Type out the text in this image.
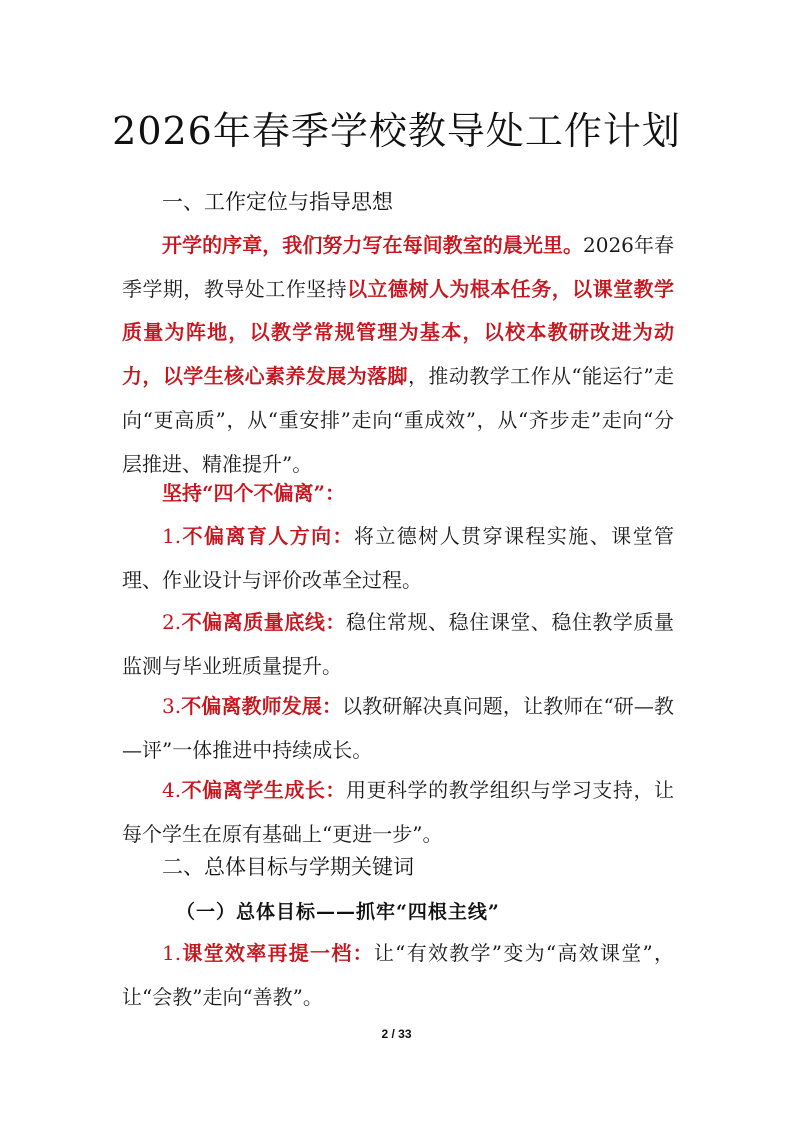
2026年春季学校教导处工作计划
一、工作定位与指导思想

开学的序章，我们努力写在每间教室的晨光里。2026年春季学期，教导处工作坚持以立德树人为根本任务，以课堂教学质量为阵地，以教学常规管理为基本，以校本教研改进为动力，以学生核心素养发展为落脚，推动教学工作从“能运行”走向“更高质”，从“重安排”走向“重成效”，从“齐步走”走向“分层推进、精准提升”。

坚持“四个不偏离”：

1.不偏离育人方向：将立德树人贯穿课程实施、课堂管理、作业设计与评价改革全过程。

2.不偏离质量底线：稳住常规、稳住课堂、稳住教学质量监测与毕业班质量提升。

3.不偏离教师发展：以教研解决真问题，让教师在“研—教—评”一体推进中持续成长。

4.不偏离学生成长：用更科学的教学组织与学习支持，让每个学生在原有基础上“更进一步”。

二、总体目标与学期关键词
（一）总体目标——抓牢“四根主线”

1.课堂效率再提一档：让“有效教学”变为“高效课堂”，让“会教”走向“善教”。

2 / 33
